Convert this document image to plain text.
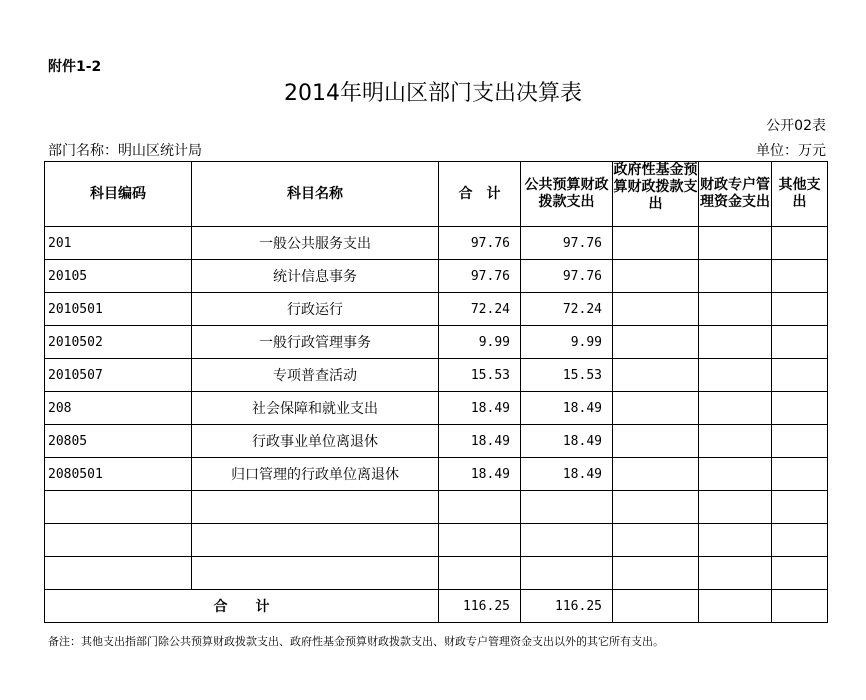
附件1-2
2014年明山区部门支出决算表
公开02表
部门名称：明山区统计局	单位：万元
科目编码	科目名称	合　计	公共预算财政拨款支出	政府性基金预算财政拨款支出	财政专户管理资金支出	其他支出
201	一般公共服务支出	97.76	97.76			
20105	统计信息事务	97.76	97.76			
2010501	行政运行	72.24	72.24			
2010502	一般行政管理事务	9.99	9.99			
2010507	专项普查活动	15.53	15.53			
208	社会保障和就业支出	18.49	18.49			
20805	行政事业单位离退休	18.49	18.49			
2080501	归口管理的行政单位离退休	18.49	18.49			

合　　计		116.25	116.25			
备注：其他支出指部门除公共预算财政拨款支出、政府性基金预算财政拨款支出、财政专户管理资金支出以外的其它所有支出。
